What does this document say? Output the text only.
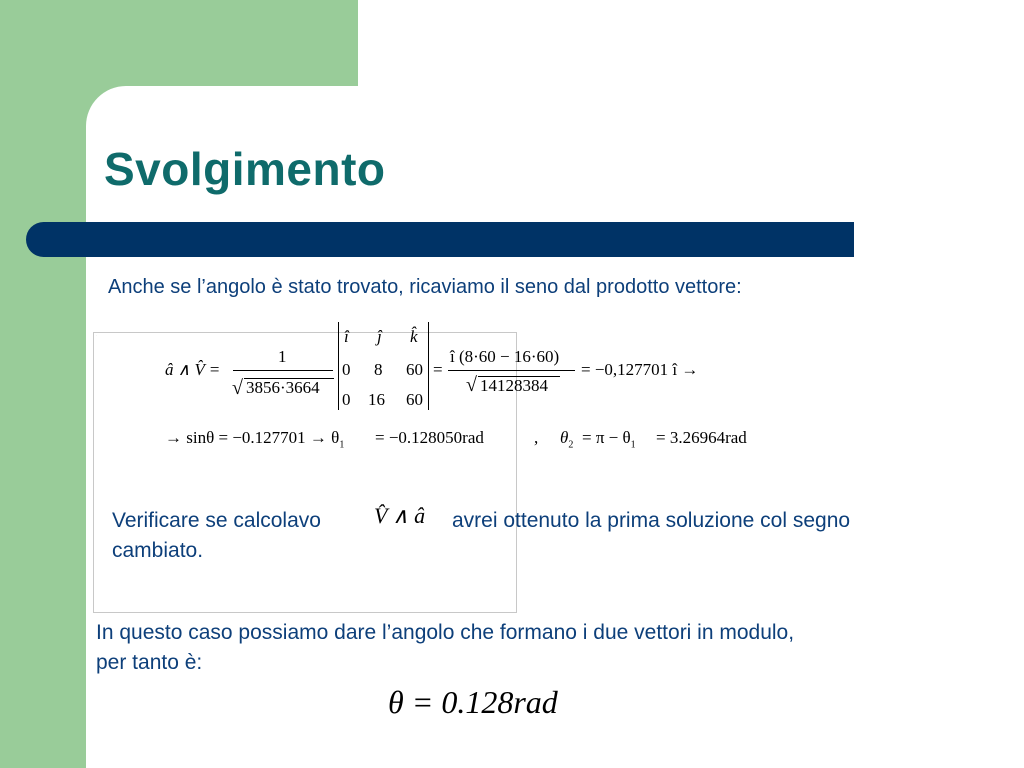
Svolgimento
Anche se l’angolo è stato trovato, ricaviamo il seno dal prodotto vettore:
.
â ∧ V̂ =
1
√ 3856·3664
î ĵ k̂
0 8 60
0 16 60
=
î (8·60 − 16·60)
√ 14128384
= −0,127701 î →
→ $\sin\theta = -0.127701 \to \theta_1 = -0.128050rad$	, $\theta_2 = \pi - \theta_1 = 3.26964rad$
Verificare se calcolavo V̂ ∧ â avrei ottenuto la prima soluzione col segno
cambiato.
In questo caso possiamo dare l’angolo che formano i due vettori in modulo,
per tanto è:
θ = 0.128rad
